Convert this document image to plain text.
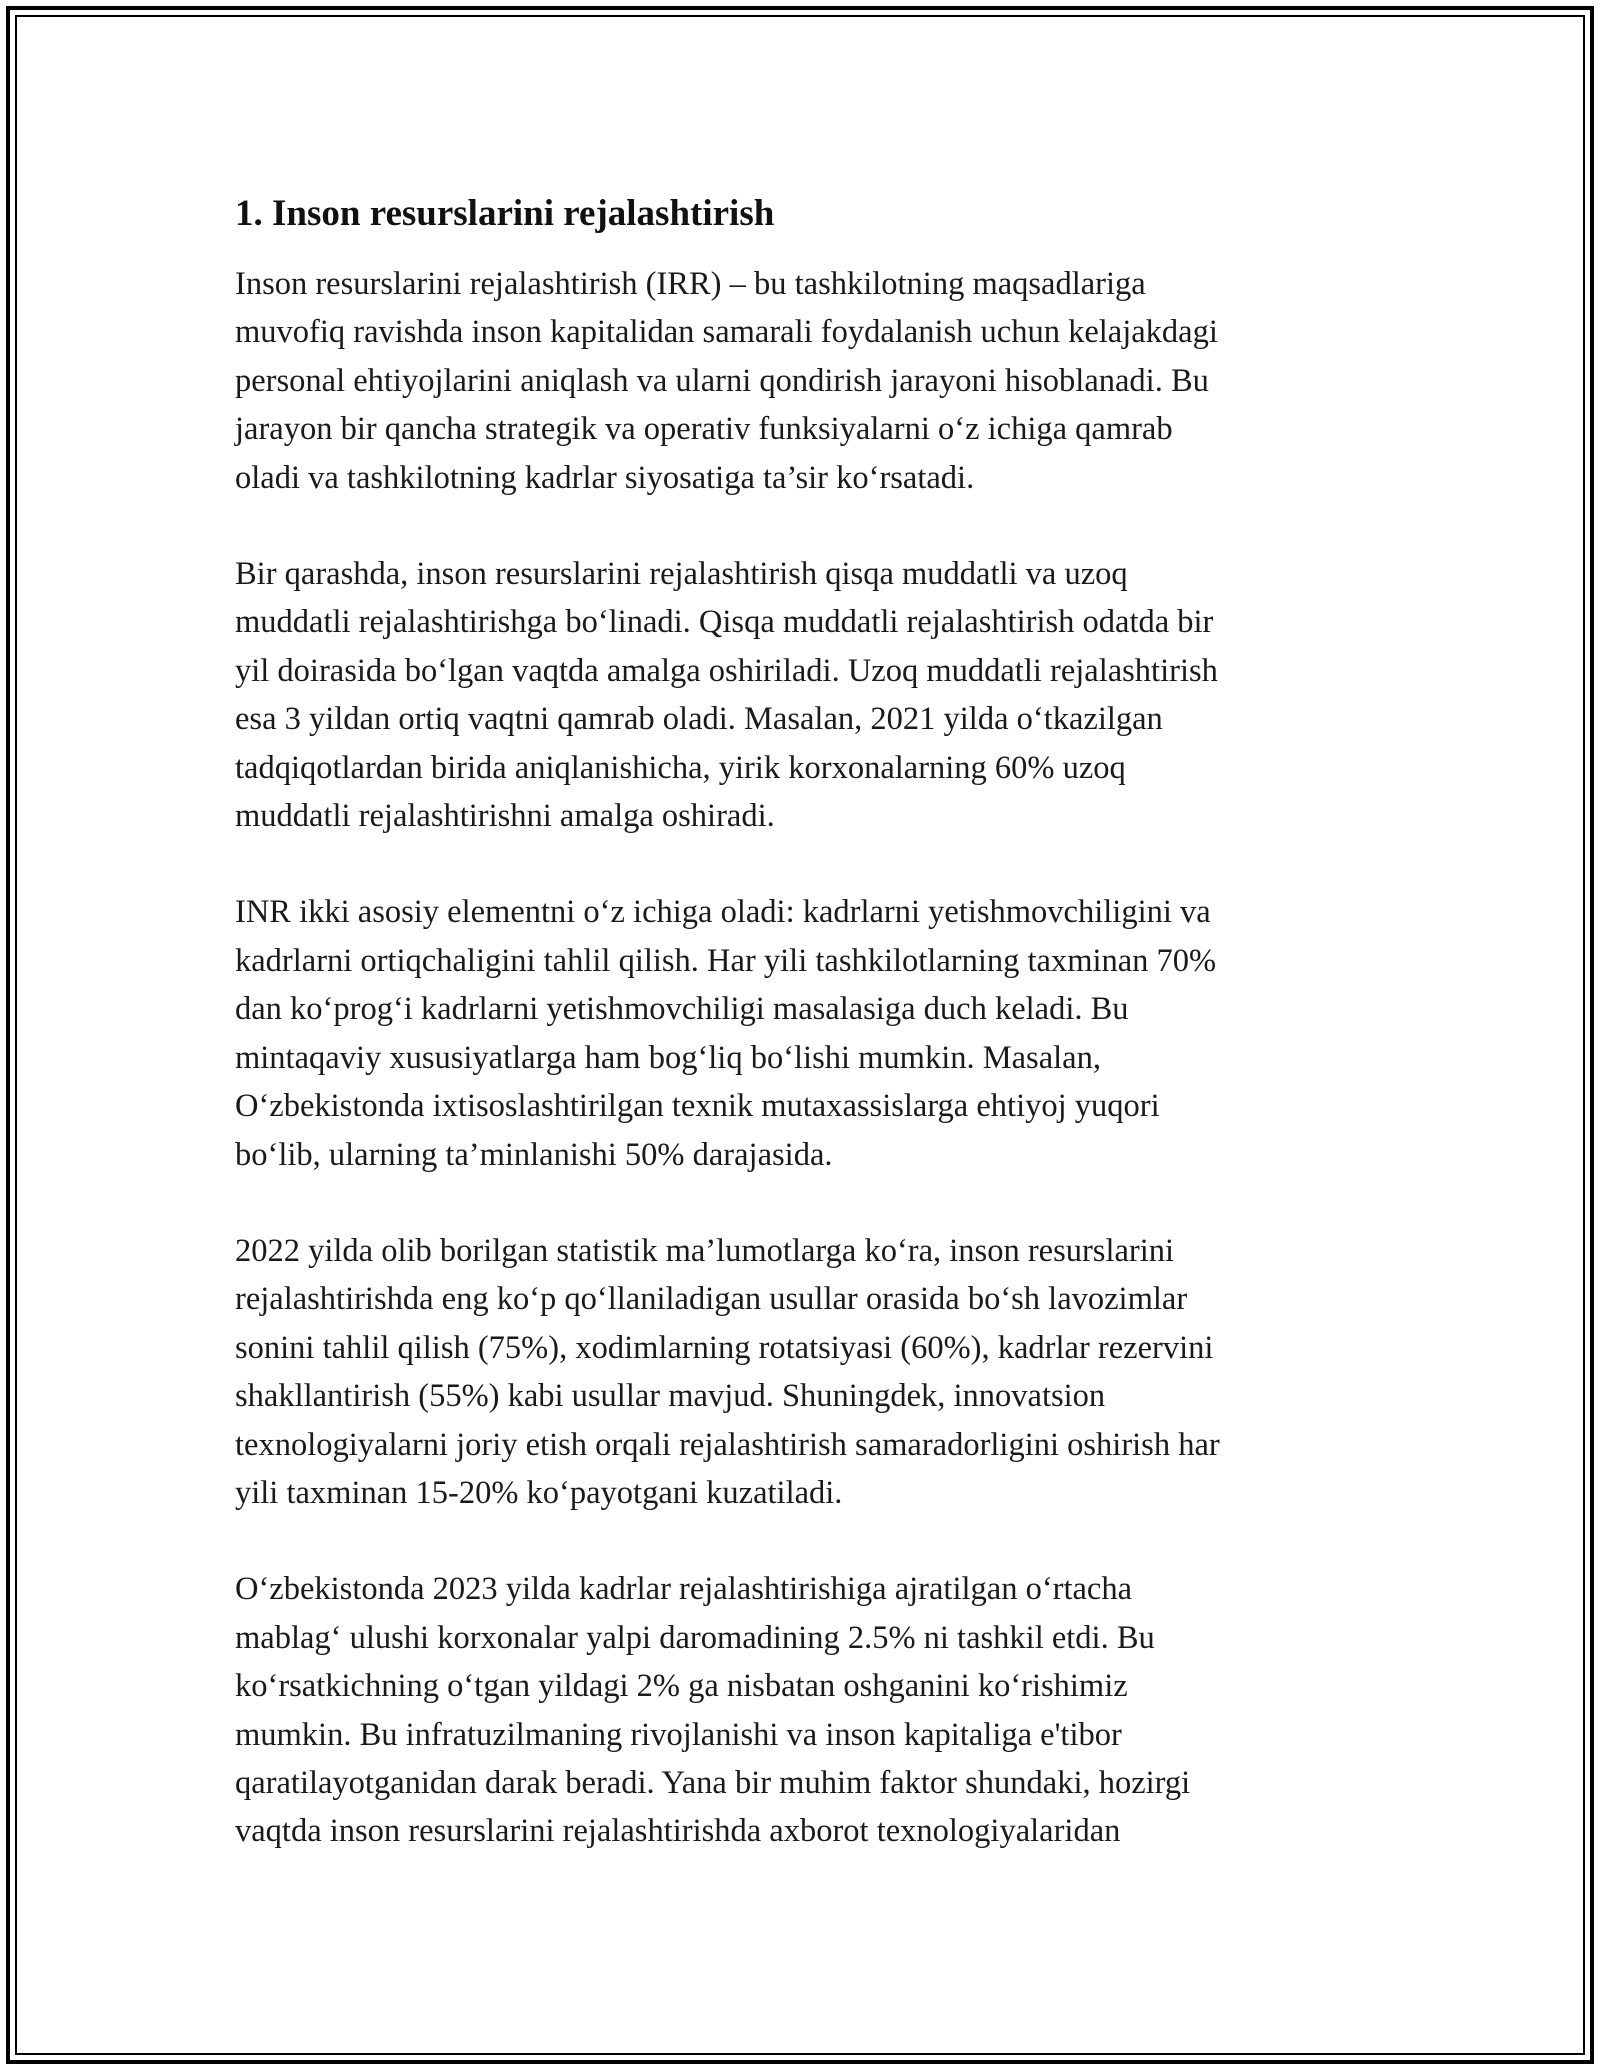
1. Inson resurslarini rejalashtirish

Inson resurslarini rejalashtirish (IRR) – bu tashkilotning maqsadlariga
muvofiq ravishda inson kapitalidan samarali foydalanish uchun kelajakdagi
personal ehtiyojlarini aniqlash va ularni qondirish jarayoni hisoblanadi. Bu
jarayon bir qancha strategik va operativ funksiyalarni o‘z ichiga qamrab
oladi va tashkilotning kadrlar siyosatiga ta’sir ko‘rsatadi.

Bir qarashda, inson resurslarini rejalashtirish qisqa muddatli va uzoq
muddatli rejalashtirishga bo‘linadi. Qisqa muddatli rejalashtirish odatda bir
yil doirasida bo‘lgan vaqtda amalga oshiriladi. Uzoq muddatli rejalashtirish
esa 3 yildan ortiq vaqtni qamrab oladi. Masalan, 2021 yilda o‘tkazilgan
tadqiqotlardan birida aniqlanishicha, yirik korxonalarning 60% uzoq
muddatli rejalashtirishni amalga oshiradi.

INR ikki asosiy elementni o‘z ichiga oladi: kadrlarni yetishmovchiligini va
kadrlarni ortiqchaligini tahlil qilish. Har yili tashkilotlarning taxminan 70%
dan ko‘prog‘i kadrlarni yetishmovchiligi masalasiga duch keladi. Bu
mintaqaviy xususiyatlarga ham bog‘liq bo‘lishi mumkin. Masalan,
O‘zbekistonda ixtisoslashtirilgan texnik mutaxassislarga ehtiyoj yuqori
bo‘lib, ularning ta’minlanishi 50% darajasida.

2022 yilda olib borilgan statistik ma’lumotlarga ko‘ra, inson resurslarini
rejalashtirishda eng ko‘p qo‘llaniladigan usullar orasida bo‘sh lavozimlar
sonini tahlil qilish (75%), xodimlarning rotatsiyasi (60%), kadrlar rezervini
shakllantirish (55%) kabi usullar mavjud. Shuningdek, innovatsion
texnologiyalarni joriy etish orqali rejalashtirish samaradorligini oshirish har
yili taxminan 15-20% ko‘payotgani kuzatiladi.

O‘zbekistonda 2023 yilda kadrlar rejalashtirishiga ajratilgan o‘rtacha
mablag‘ ulushi korxonalar yalpi daromadining 2.5% ni tashkil etdi. Bu
ko‘rsatkichning o‘tgan yildagi 2% ga nisbatan oshganini ko‘rishimiz
mumkin. Bu infratuzilmaning rivojlanishi va inson kapitaliga e'tibor
qaratilayotganidan darak beradi. Yana bir muhim faktor shundaki, hozirgi
vaqtda inson resurslarini rejalashtirishda axborot texnologiyalaridan
